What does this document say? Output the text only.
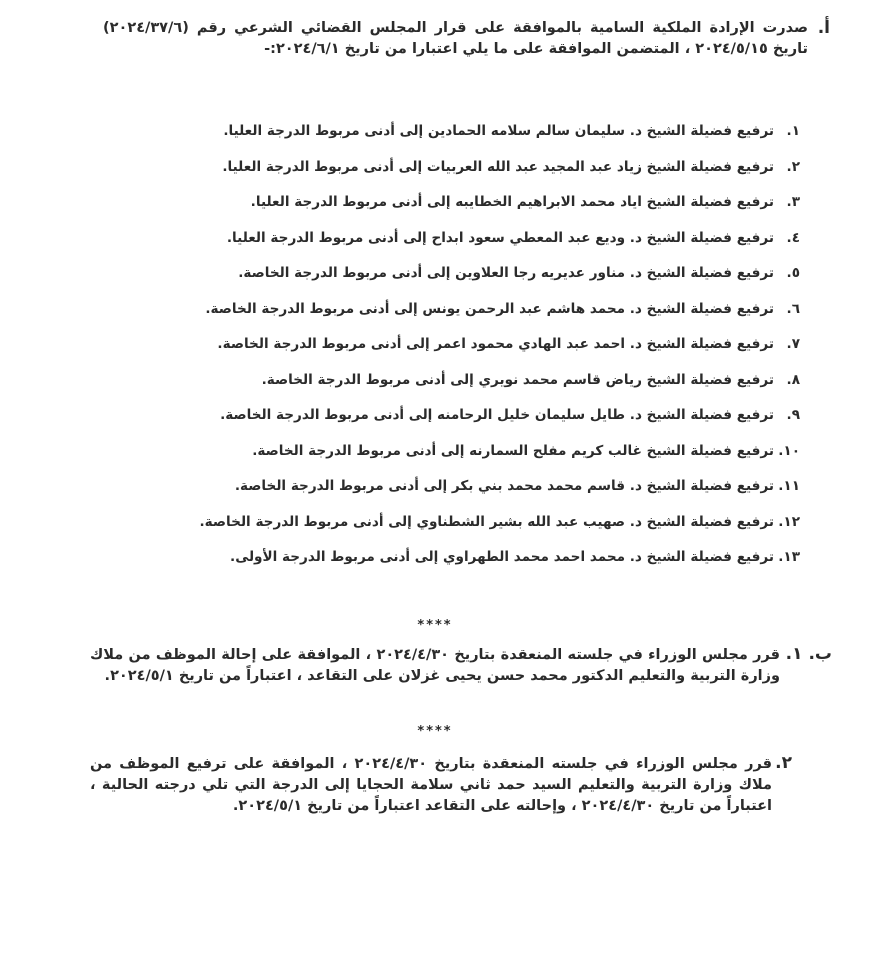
أ.

صدرت الإرادة الملكية السامية بالموافقة على قرار المجلس القضائي الشرعي رقم (٢٠٢٤/٣٧/٦) تاريخ ٢٠٢٤/٥/١٥ ، المتضمن الموافقة على ما يلي اعتبارا من تاريخ ٢٠٢٤/٦/١:-

١.ترفيع فضيلة الشيخ د. سليمان سالم سلامه الحمادين إلى أدنى مربوط الدرجة العليا.
٢.ترفيع فضيلة الشيخ زياد عبد المجيد عبد الله العربيات إلى أدنى مربوط الدرجة العليا.
٣.ترفيع فضيلة الشيخ اياد محمد الابراهيم الخطايبه إلى أدنى مربوط الدرجة العليا.
٤.ترفيع فضيلة الشيخ د. وديع عبد المعطي سعود ابداح إلى أدنى مربوط الدرجة العليا.
٥.ترفيع فضيلة الشيخ د. مناور عديريه رجا العلاوين إلى أدنى مربوط الدرجة الخاصة.
٦.ترفيع فضيلة الشيخ د. محمد هاشم عبد الرحمن يونس إلى أدنى مربوط الدرجة الخاصة.
٧.ترفيع فضيلة الشيخ د. احمد عبد الهادي محمود اعمر إلى أدنى مربوط الدرجة الخاصة.
٨.ترفيع فضيلة الشيخ رياض قاسم محمد نويري إلى أدنى مربوط الدرجة الخاصة.
٩.ترفيع فضيلة الشيخ د. طايل سليمان خليل الرحامنه إلى أدنى مربوط الدرجة الخاصة.
١٠.ترفيع فضيلة الشيخ غالب كريم مفلح السمارنه إلى أدنى مربوط الدرجة الخاصة.
١١.ترفيع فضيلة الشيخ د. قاسم محمد محمد بني بكر إلى أدنى مربوط الدرجة الخاصة.
١٢.ترفيع فضيلة الشيخ د. صهيب عبد الله بشير الشطناوي إلى أدنى مربوط الدرجة الخاصة.
١٣.ترفيع فضيلة الشيخ د. محمد احمد محمد الطهراوي إلى أدنى مربوط الدرجة الأولى.
****
ب. ١.

قرر مجلس الوزراء في جلسته المنعقدة بتاريخ ٢٠٢٤/٤/٣٠ ، الموافقة على إحالة الموظف من ملاك وزارة التربية والتعليم الدكتور محمد حسن يحيى غزلان على التقاعد ، اعتباراً من تاريخ ٢٠٢٤/٥/١.

****
٢.

قرر مجلس الوزراء في جلسته المنعقدة بتاريخ ٢٠٢٤/٤/٣٠ ، الموافقة على ترفيع الموظف من ملاك وزارة التربية والتعليم السيد حمد ثاني سلامة الحجايا إلى الدرجة التي تلي درجته الحالية ، اعتباراً من تاريخ ٢٠٢٤/٤/٣٠ ، وإحالته على التقاعد اعتباراً من تاريخ ٢٠٢٤/٥/١.
